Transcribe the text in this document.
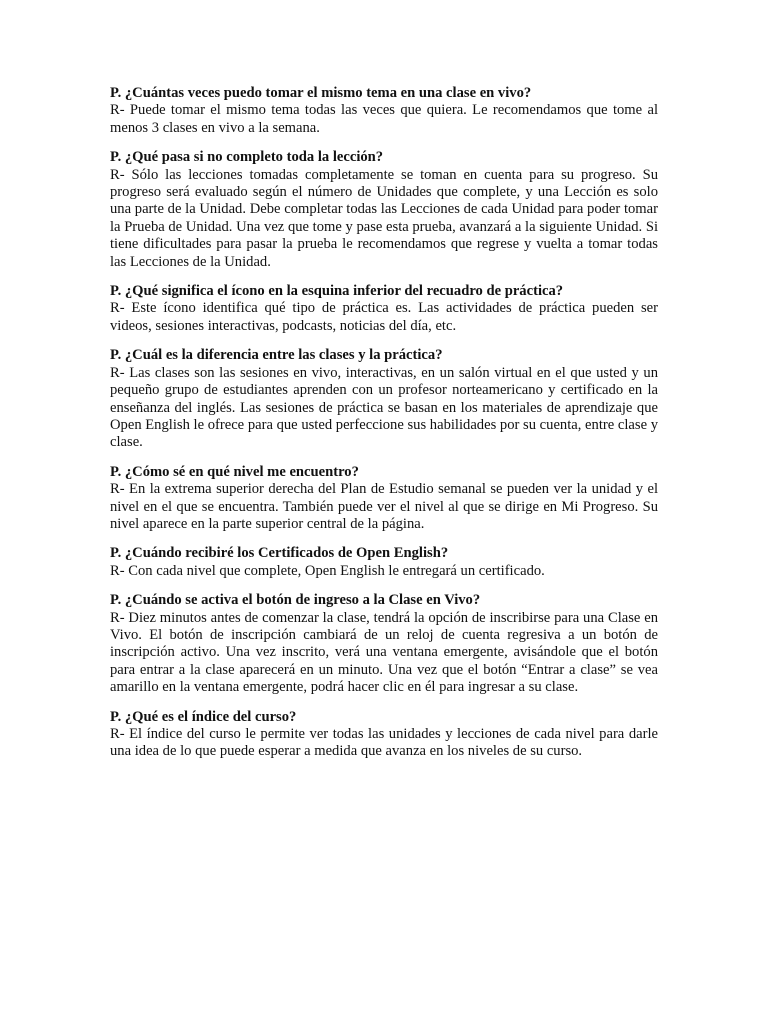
P. ¿Cuántas veces puedo tomar el mismo tema en una clase en vivo?

R- Puede tomar el mismo tema todas las veces que quiera. Le recomendamos que tome al menos 3 clases en vivo a la semana.

P. ¿Qué pasa si no completo toda la lección?

R- Sólo las lecciones tomadas completamente se toman en cuenta para su progreso. Su progreso será evaluado según el número de Unidades que complete, y una Lección es solo una parte de la Unidad. Debe completar todas las Lecciones de cada Unidad para poder tomar la Prueba de Unidad. Una vez que tome y pase esta prueba, avanzará a la siguiente Unidad. Si tiene dificultades para pasar la prueba le recomendamos que regrese y vuelta a tomar todas las Lecciones de la Unidad.

P. ¿Qué significa el ícono en la esquina inferior del recuadro de práctica?

R- Este ícono identifica qué tipo de práctica es. Las actividades de práctica pueden ser videos, sesiones interactivas, podcasts, noticias del día, etc.

P. ¿Cuál es la diferencia entre las clases y la práctica?

R- Las clases son las sesiones en vivo, interactivas, en un salón virtual en el que usted y un pequeño grupo de estudiantes aprenden con un profesor norteamericano y certificado en la enseñanza del inglés. Las sesiones de práctica se basan en los materiales de aprendizaje que Open English le ofrece para que usted perfeccione sus habilidades por su cuenta, entre clase y clase.

P. ¿Cómo sé en qué nivel me encuentro?

R- En la extrema superior derecha del Plan de Estudio semanal se pueden ver la unidad y el nivel en el que se encuentra. También puede ver el nivel al que se dirige en Mi Progreso. Su nivel aparece en la parte superior central de la página.

P. ¿Cuándo recibiré los Certificados de Open English?

R- Con cada nivel que complete, Open English le entregará un certificado.

P. ¿Cuándo se activa el botón de ingreso a la Clase en Vivo?

R- Diez minutos antes de comenzar la clase, tendrá la opción de inscribirse para una Clase en Vivo. El botón de inscripción cambiará de un reloj de cuenta regresiva a un botón de inscripción activo. Una vez inscrito, verá una ventana emergente, avisándole que el botón para entrar a la clase aparecerá en un minuto. Una vez que el botón “Entrar a clase” se vea amarillo en la ventana emergente, podrá hacer clic en él para ingresar a su clase.

P. ¿Qué es el índice del curso?

R- El índice del curso le permite ver todas las unidades y lecciones de cada nivel para darle una idea de lo que puede esperar a medida que avanza en los niveles de su curso.
